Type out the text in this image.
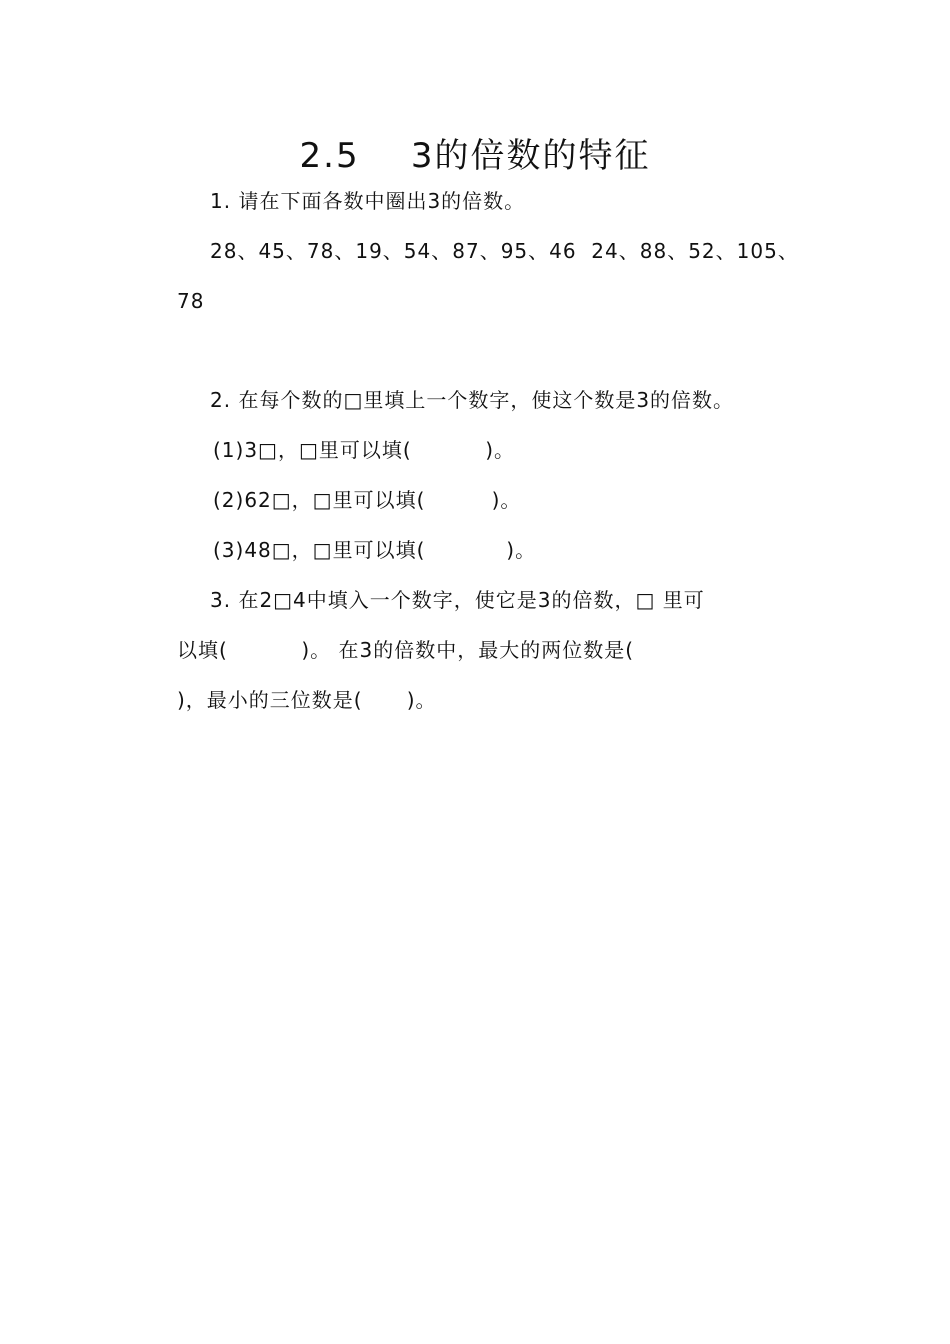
2.5    3的倍数的特征
1. 请在下面各数中圈出3的倍数。
28、45、78、19、54、87、95、46  24、88、52、105、
78
2. 在每个数的□里填上一个数字，使这个数是3的倍数。
(1)3□，□里可以填(          )。
(2)62□，□里可以填(         )。
(3)48□，□里可以填(           )。
3. 在2□4中填入一个数字，使它是3的倍数，□ 里可
以填(          )。 在3的倍数中，最大的两位数是(
)，最小的三位数是(      )。
